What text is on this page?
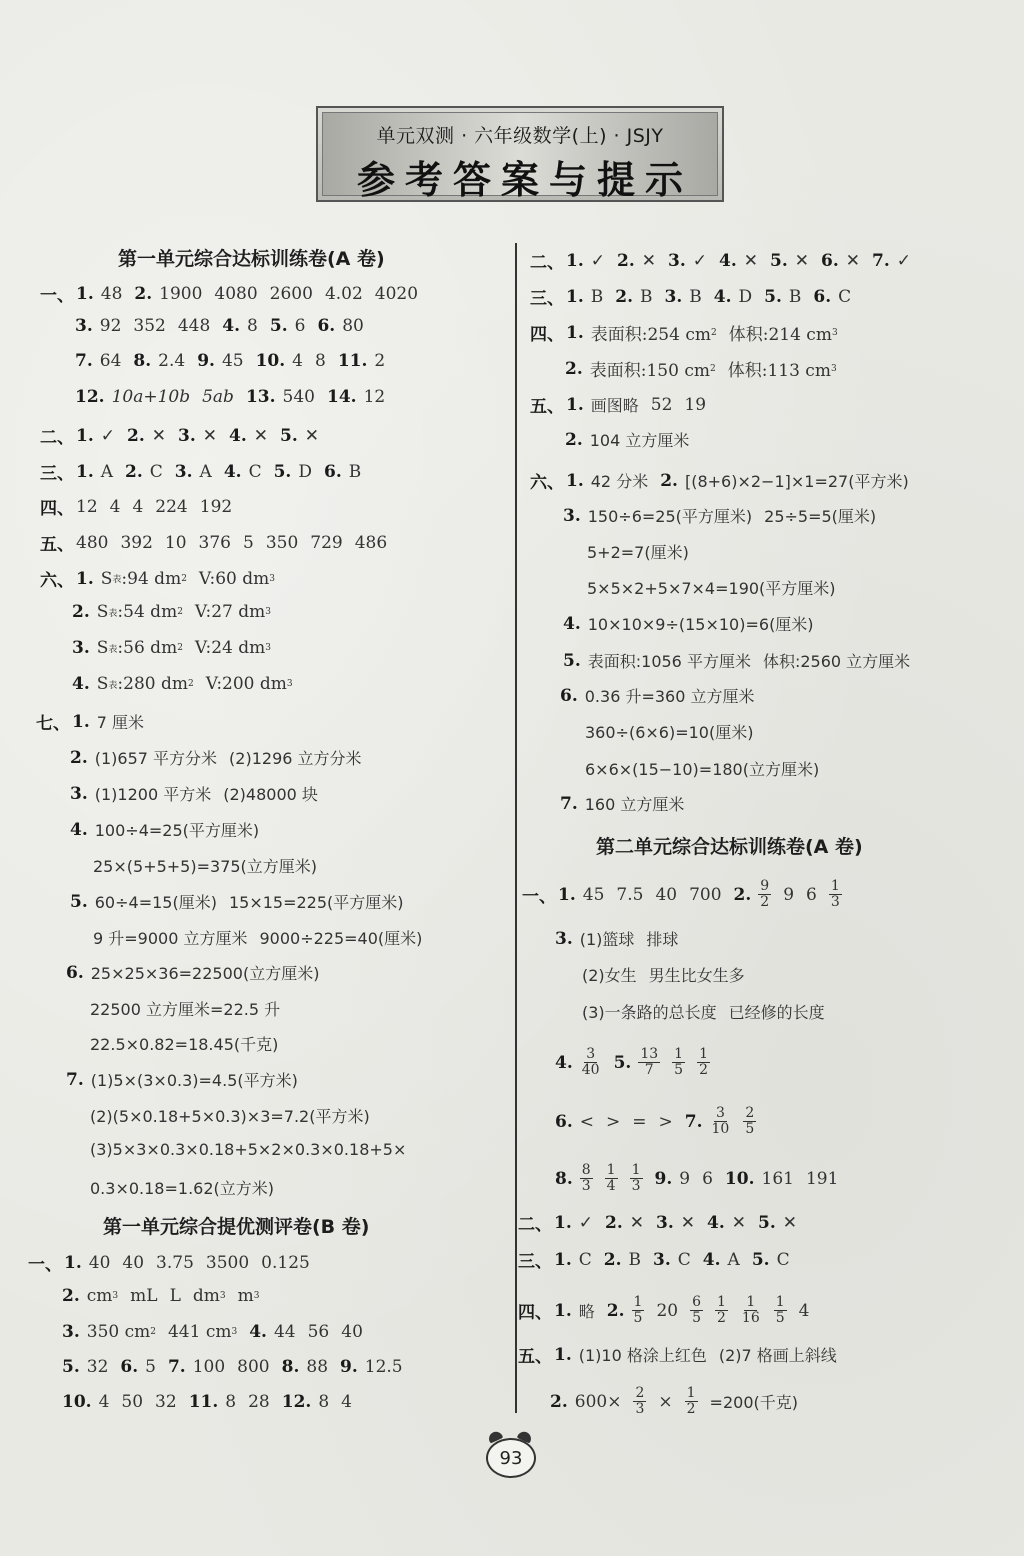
单元双测 · 六年级数学(上) · JSJY
参考答案与提示
第一单元综合达标训练卷(A 卷)
第一单元综合提优测评卷(B 卷)
第二单元综合达标训练卷(A 卷)
一、 1. 48 2. 1900 4080 2600 4.02 4020
3. 92 352 448 4. 8 5. 6 6. 80
7. 64 8. 2.4 9. 45 10. 4 8 11. 2
12. 10a+10b 5ab 13. 540 14. 12
二、 1. ✓ 2. ✕ 3. ✕ 4. ✕ 5. ✕
三、 1. A 2. C 3. A 4. C 5. D 6. B
四、 12 4 4 224 192
五、 480 392 10 376 5 350 729 486
六、 1. S 表 :94 dm 2 V:60 dm 3
2. S 表 :54 dm 2 V:27 dm 3
3. S 表 :56 dm 2 V:24 dm 3
4. S 表 :280 dm 2 V:200 dm 3
七、 1. 7 厘米
2. (1)657 平方分米 (2)1296 立方分米
3. (1)1200 平方米 (2)48000 块
4. 100÷4=25(平方厘米)
25×(5+5+5)=375(立方厘米)
5. 60÷4=15(厘米) 15×15=225(平方厘米)
9 升=9000 立方厘米 9000÷225=40(厘米)
6. 25×25×36=22500(立方厘米)
22500 立方厘米=22.5 升
22.5×0.82=18.45(千克)
7. (1)5×(3×0.3)=4.5(平方米)
(2)(5×0.18+5×0.3)×3=7.2(平方米)
(3)5×3×0.3×0.18+5×2×0.3×0.18+5×
0.3×0.18=1.62(立方米)
一、 1. 40 40 3.75 3500 0.125
2. cm 3 mL L dm 3 m 3
3. 350 cm 2 441 cm 3 4. 44 56 40
5. 32 6. 5 7. 100 800 8. 88 9. 12.5
10. 4 50 32 11. 8 28 12. 8 4
二、 1. ✓ 2. ✕ 3. ✓ 4. ✕ 5. ✕ 6. ✕ 7. ✓
三、 1. B 2. B 3. B 4. D 5. B 6. C
四、 1. 表面积:254 cm 2 体积:214 cm 3
2. 表面积:150 cm 2 体积:113 cm 3
五、 1. 画图略 52 19
2. 104 立方厘米
六、 1. 42 分米 2. [(8+6)×2−1]×1=27(平方米)
3. 150÷6=25(平方厘米) 25÷5=5(厘米)
5+2=7(厘米)
5×5×2+5×7×4=190(平方厘米)
4. 10×10×9÷(15×10)=6(厘米)
5. 表面积:1056 平方厘米 体积:2560 立方厘米
6. 0.36 升=360 立方厘米
360÷(6×6)=10(厘米)
6×6×(15−10)=180(立方厘米)
7. 160 立方厘米
一、 1. 45 7.5 40 700 2. $\frac{9}{2} 9$ $6 \frac{1}{3}$
3. (1)篮球 排球
(2)女生 男生比女生多
(3)一条路的总长度 已经修的长度
4. $\frac{3}{40} 5$. $\frac{13}{7} \frac{1}{5} \frac{1}{2}$
6. < > = > 7. $\frac{3}{10} \frac{2}{5}$
8. $\frac{8}{3} \frac{1}{4} \frac{1}{3} 9$. 9 6 10. 161 191
二、 1. ✓ 2. ✕ 3. ✕ 4. ✕ 5. ✕
三、 1. C 2. B 3. C 4. A 5. C
四、 1. 略 2. $\frac{1}{5} 20 \frac{6}{5} \frac{1}{2} \frac{1}{16} \frac{1}{5} 4$
五、 1. (1)10 格涂上红色 (2)7 格画上斜线
2. $600\times \frac{2}{3} \times \frac{1}{2} =200$(千克)
93
